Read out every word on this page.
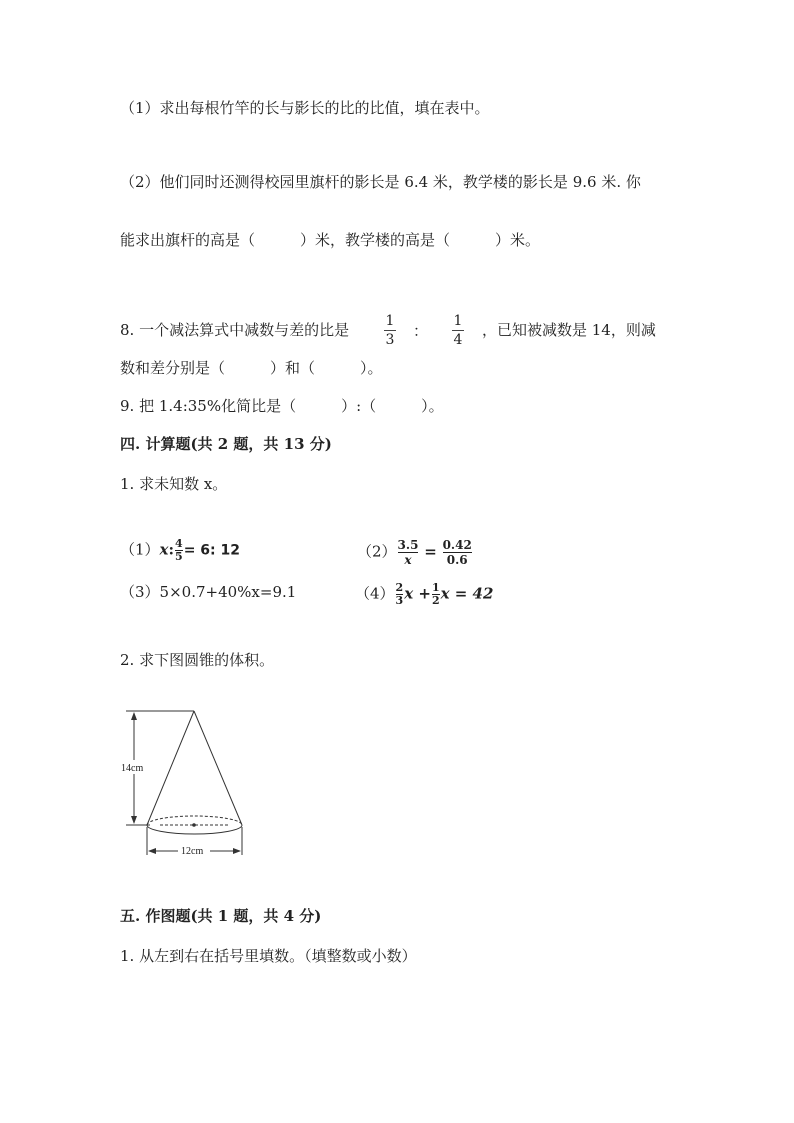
（1）求出每根竹竿的长与影长的比的比值，填在表中。
（2）他们同时还测得校园里旗杆的影长是 6.4 米，教学楼的影长是 9.6 米. 你
能求出旗杆的高是（　　　）米，教学楼的高是（　　　）米。
8. 一个减法算式中减数与差的比是	1
3 ：
1
4
，已知被减数是 14，则减
数和差分别是（　　　）和（　　　）。
9. 把 1.4:35%化简比是（　　　）:（　　　）。
四. 计算题(共 2 题，共 13 分)
1. 求未知数 x。
$(1)x:\frac{4}{5}= 6$: 12	$(2)\frac{3.5}{x} = \frac{0.42}{0.6}$
（3）5×0.7+40%x=9.1	$(4)\frac{2}{3}x +\frac{1}{2}x = 42$
2. 求下图圆锥的体积。
14cm
12cm
五. 作图题(共 1 题，共 4 分)
1. 从左到右在括号里填数。（填整数或小数）
